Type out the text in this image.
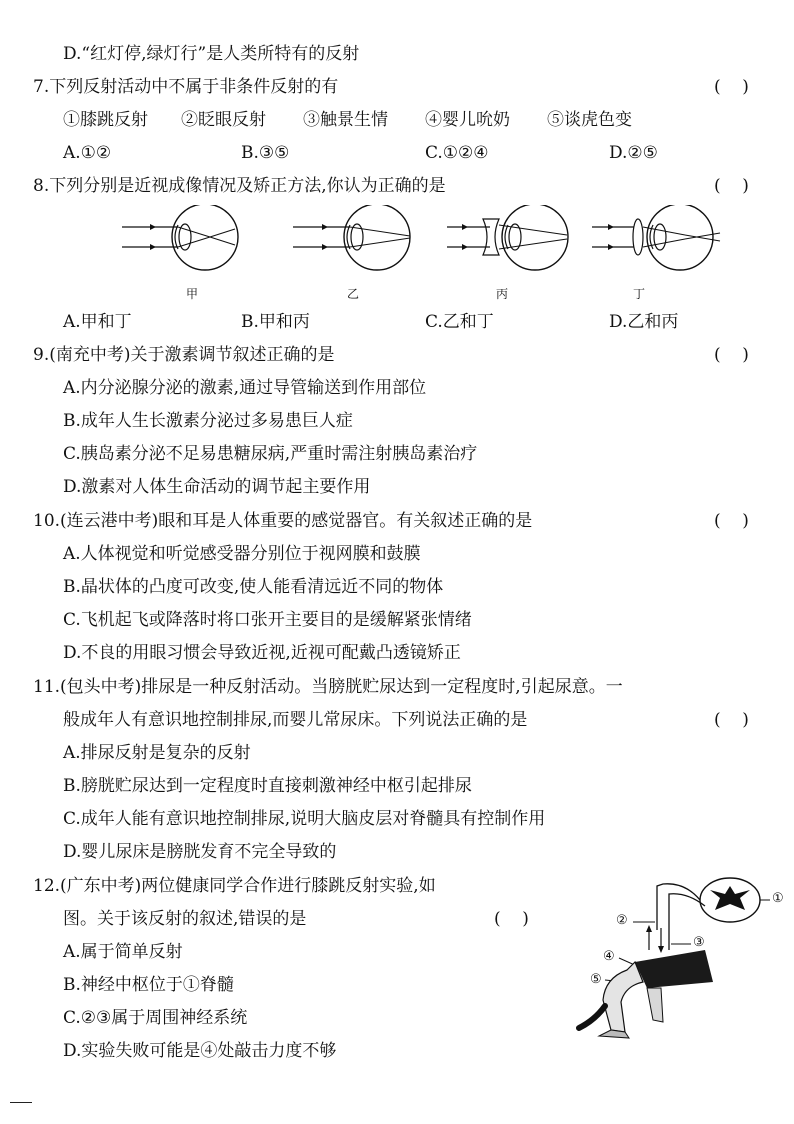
D.“红灯停,绿灯行”是人类所特有的反射
7.下列反射活动中不属于非条件反射的有	(    )
①膝跳反射 ②眨眼反射 ③触景生情 ④婴儿吮奶 ⑤谈虎色变
A.①②	B.③⑤	C.①②④	D.②⑤
8.下列分别是近视成像情况及矫正方法,你认为正确的是	(    )
甲	乙	丙	丁
A.甲和丁	B.甲和丙	C.乙和丁	D.乙和丙
9.(南充中考)关于激素调节叙述正确的是	(    )
A.内分泌腺分泌的激素,通过导管输送到作用部位
B.成年人生长激素分泌过多易患巨人症
C.胰岛素分泌不足易患糖尿病,严重时需注射胰岛素治疗
D.激素对人体生命活动的调节起主要作用
10.(连云港中考)眼和耳是人体重要的感觉器官。有关叙述正确的是	(    )
A.人体视觉和听觉感受器分别位于视网膜和鼓膜
B.晶状体的凸度可改变,使人能看清远近不同的物体
C.飞机起飞或降落时将口张开主要目的是缓解紧张情绪
D.不良的用眼习惯会导致近视,近视可配戴凸透镜矫正
11.(包头中考)排尿是一种反射活动。当膀胱贮尿达到一定程度时,引起尿意。一
般成年人有意识地控制排尿,而婴儿常尿床。下列说法正确的是	(    )
A.排尿反射是复杂的反射
B.膀胱贮尿达到一定程度时直接刺激神经中枢引起排尿
C.成年人能有意识地控制排尿,说明大脑皮层对脊髓具有控制作用
D.婴儿尿床是膀胱发育不完全导致的
12.(广东中考)两位健康同学合作进行膝跳反射实验,如
图。关于该反射的叙述,错误的是	(    )
A.属于简单反射
B.神经中枢位于①脊髓
C.②③属于周围神经系统
D.实验失败可能是④处敲击力度不够
①
②
③
④
⑤
